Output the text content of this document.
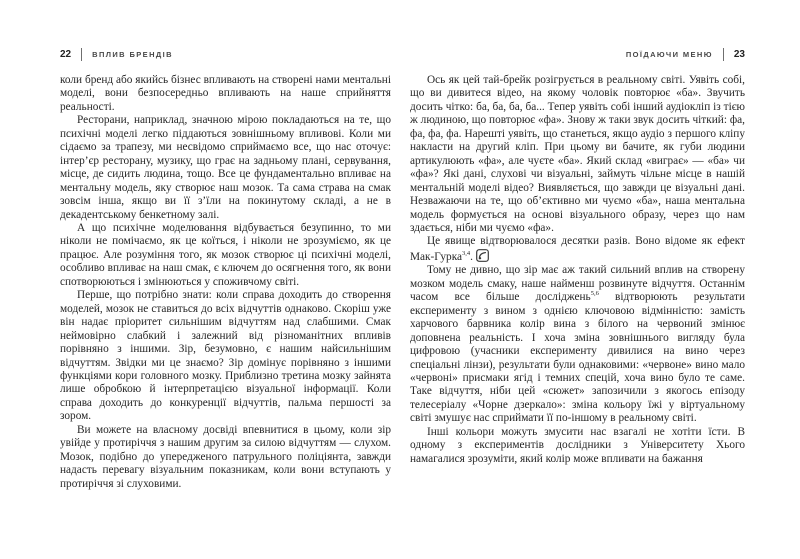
22	ВПЛИВ БРЕНДІВ

коли бренд або якийсь бізнес впливають на створені нами ментальні моделі, вони безпосередньо впливають на наше сприйняття реальності.

Ресторани, наприклад, значною мірою покладаються на те, що психічні моделі легко піддаються зовнішньому впливові. Коли ми сідаємо за трапезу, ми несвідомо сприймаємо все, що нас оточує: інтер’єр ресторану, музику, що грає на задньому плані, сервування, місце, де сидить людина, тощо. Все це фундаментально впливає на ментальну модель, яку створює наш мозок. Та сама страва на смак зовсім інша, якщо ви її з’їли на покинутому складі, а не в декадентському бенкетному залі.

А що психічне моделювання відбувається безупинно, то ми ніколи не помічаємо, як це коїться, і ніколи не зрозуміємо, як це працює. Але розуміння того, як мозок створює ці психічні моделі, особливо впливає на наш смак, є ключем до осягнення того, як вони спотворюються і змінюються у споживчому світі.

Перше, що потрібно знати: коли справа доходить до створення моделей, мозок не ставиться до всіх відчуттів однаково. Скоріш уже він надає пріоритет сильнішим відчуттям над слабшими. Смак неймовірно слабкий і залежний від різноманітних впливів порівняно з іншими. Зір, безумовно, є нашим найсильнішим відчуттям. Звідки ми це знаємо? Зір домінує порівняно з іншими функціями кори головного мозку. Приблизно третина мозку зайнята лише обробкою й інтерпретацією візуальної інформації. Коли справа доходить до конкуренції відчуттів, пальма першості за зором.

Ви можете на власному досвіді впевнитися в цьому, коли зір увійде у протиріччя з нашим другим за силою відчуттям — слухом. Мозок, подібно до упередженого патрульного поліціянта, завжди надасть перевагу візуальним показникам, коли вони вступають у протиріччя зі слуховими.

ПОЇДАЮЧИ МЕНЮ 23

Ось як цей тай-брейк розігрується в реальному світі. Уявіть собі, що ви дивитеся відео, на якому чоловік повторює «ба». Звучить досить чітко: ба, ба, ба, ба... Тепер уявіть собі інший аудіокліп із тією ж людиною, що повторює «фа». Знову ж таки звук досить чіткий: фа, фа, фа, фа. Нарешті уявіть, що станеться, якщо аудіо з першого кліпу накласти на другий кліп. При цьому ви бачите, як губи людини артикулюють «фа», але чуєте «ба». Який склад «виграє» — «ба» чи «фа»? Які дані, слухові чи візуальні, займуть чільне місце в нашій ментальній моделі відео? Виявляється, що завжди це візуальні дані. Незважаючи на те, що об’єктивно ми чуємо «ба», наша ментальна модель формується на основі візуального образу, через що нам здається, ніби ми чуємо «фа».

Це явище відтворювалося десятки разів. Воно відоме як ефект Мак-Гурка$^{3,4}$.

Тому не дивно, що зір має аж такий сильний вплив на створену мозком модель смаку, наше найменш розвинуте відчуття. Останнім часом все більше досліджень$^{5,6}$ відтворюють результати експерименту з вином з однією ключовою відмінністю: замість харчового барвника колір вина з білого на червоний змінює доповнена реальність. І хоча зміна зовнішнього вигляду була цифровою (учасники експерименту дивилися на вино через спеціальні лінзи), результати були однаковими: «червоне» вино мало «червоні» присмаки ягід і темних спецій, хоча вино було те саме. Таке відчуття, ніби цей «сюжет» запозичили з якогось епізоду телесеріалу «Чорне дзеркало»: зміна кольору їжі у віртуальному світі змушує нас сприймати її по-іншому в реальному світі.

Інші кольори можуть змусити нас взагалі не хотіти їсти. В одному з експериментів дослідники з Університету Хього намагалися зрозуміти, який колір може впливати на бажання
